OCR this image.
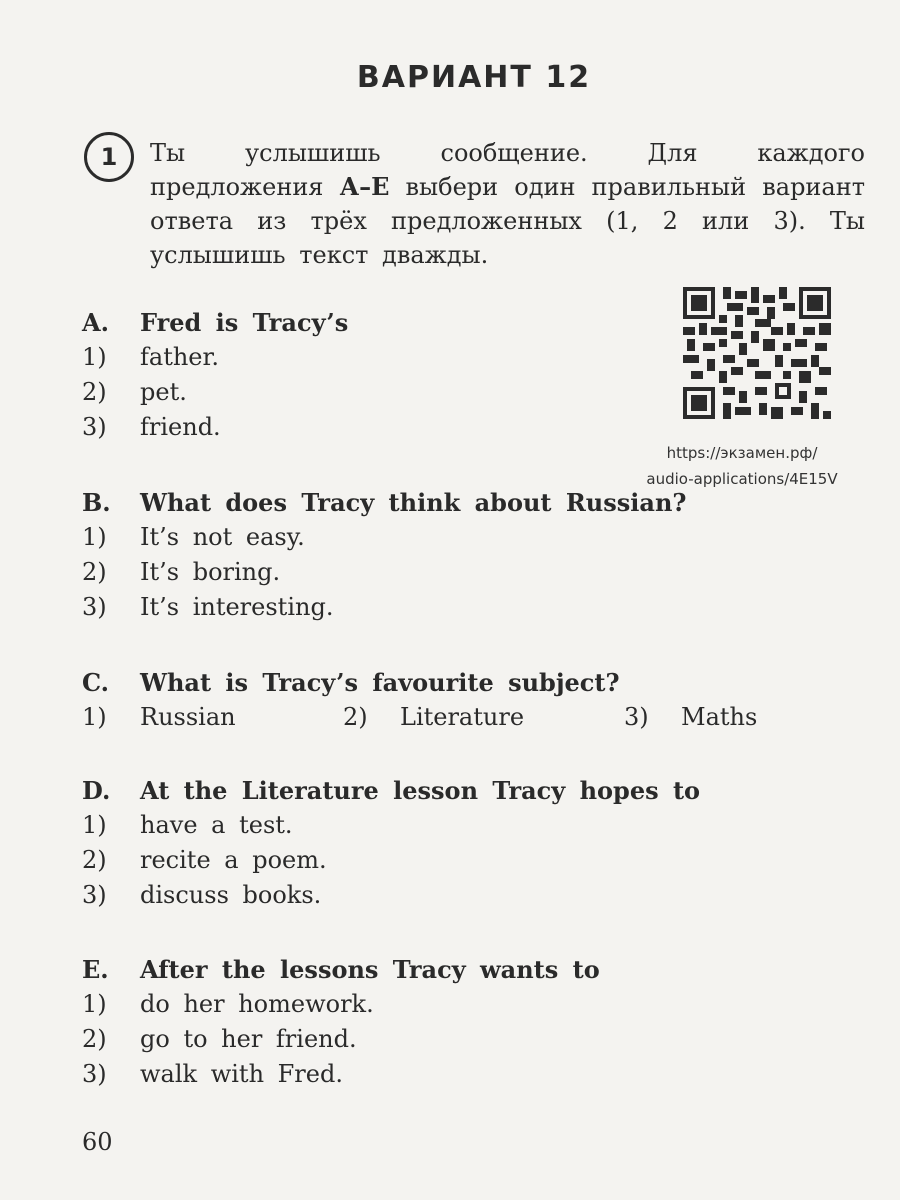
ВАРИАНТ 12
1 Ты услышишь сообщение. Для каждого предложения А–Е выбери один правильный вариант ответа из трёх предложенных (1, 2 или 3). Ты услышишь текст дважды.
https://экзамен.рф/
audio-applications/4E15V
A. Fred is Tracy’s
1) father.
2) pet.
3) friend.
B. What does Tracy think about Russian?
1) It’s not easy.
2) It’s boring.
3) It’s interesting.
C. What is Tracy’s favourite subject?
1) Russian	2) Literature	3) Maths
D. At the Literature lesson Tracy hopes to
1) have a test.
2) recite a poem.
3) discuss books.
E. After the lessons Tracy wants to
1) do her homework.
2) go to her friend.
3) walk with Fred.
60
